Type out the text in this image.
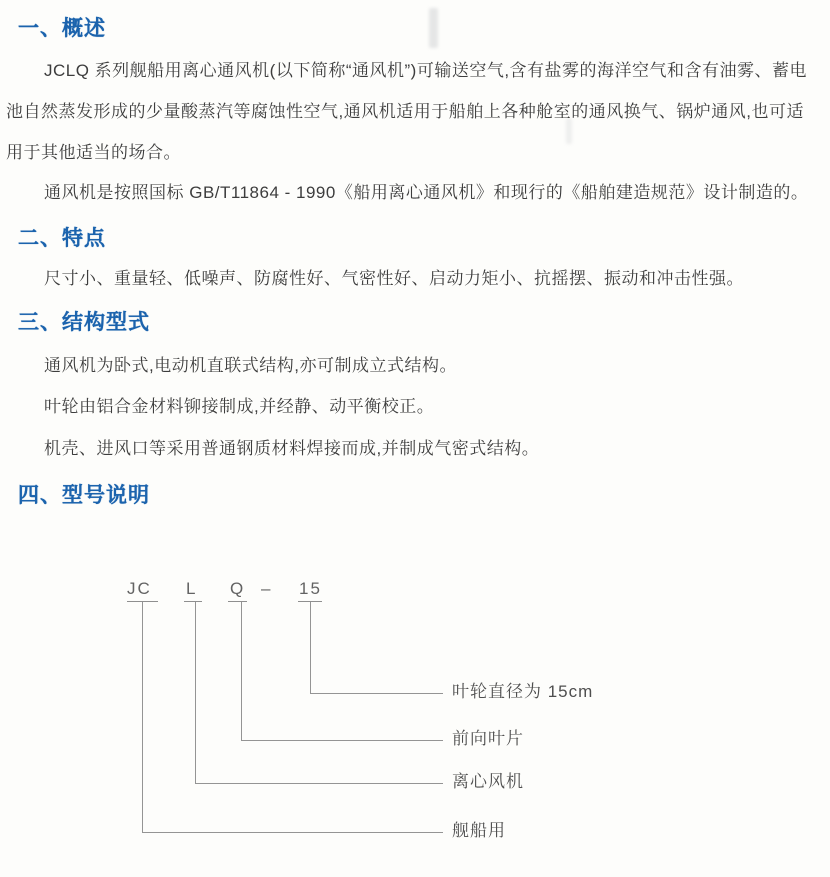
一、概述

JCLQ 系列舰船用离心通风机(以下简称“通风机”)可输送空气,含有盐雾的海洋空气和含有油雾、蓄电池自然蒸发形成的少量酸蒸汽等腐蚀性空气,通风机适用于船舶上各种舱室的通风换气、锅炉通风,也可适用于其他适当的场合。

通风机是按照国标 GB/T11864 - 1990《船用离心通风机》和现行的《船舶建造规范》设计制造的。

二、特点

尺寸小、重量轻、低噪声、防腐性好、气密性好、启动力矩小、抗摇摆、振动和冲击性强。

三、结构型式

通风机为卧式,电动机直联式结构,亦可制成立式结构。

叶轮由铝合金材料铆接制成,并经静、动平衡校正。

机壳、进风口等采用普通钢质材料焊接而成,并制成气密式结构。

四、型号说明
JC L Q – 15
叶轮直径为 15cm
前向叶片
离心风机
舰船用
